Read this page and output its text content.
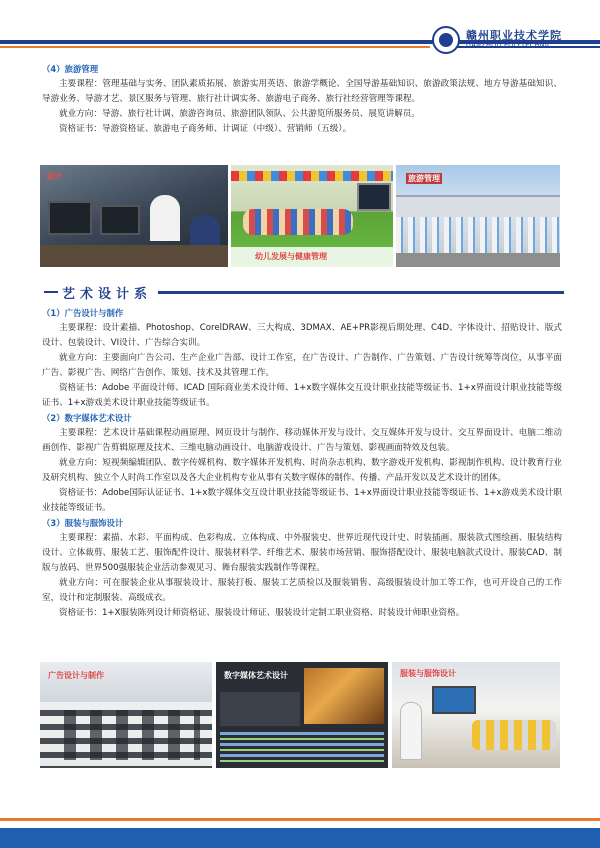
赣州职业技术学院
GANZHOU POLYTECHNIC
（4）旅游管理

主要课程：管理基础与实务、团队素质拓展、旅游实用英语、旅游学概论、全国导游基础知识、旅游政策法规、地方导游基础知识、导游业务、导游才艺、景区服务与管理、旅行社计调实务、旅游电子商务、旅行社经营管理等课程。

就业方向：导游、旅行社计调、旅游咨询员、旅游团队领队、公共游览所服务员、展览讲解员。

资格证书：导游资格证、旅游电子商务师、计调证（中级）、营销师（五级）。

会计
幼儿发展与健康管理
旅游管理
艺术设计系
（1）广告设计与制作

主要课程：设计素描、Photoshop、CorelDRAW、三大构成、3DMAX、AE+PR影视后期处理、C4D、字体设计、招贴设计、版式设计、包装设计、VI设计、广告综合实训。

就业方向：主要面向广告公司、生产企业广告部、设计工作室，在广告设计、广告制作、广告策划、广告设计统筹等岗位，从事平面广告、影视广告、网络广告创作、策划、技术及其管理工作。

资格证书：Adobe 平面设计师、ICAD 国际商业美术设计师、1+x数字媒体交互设计职业技能等级证书、1+x界面设计职业技能等级证书、1+x游戏美术设计职业技能等级证书。

（2）数字媒体艺术设计

主要课程：艺术设计基础课程动画原理、网页设计与制作、移动媒体开发与设计、交互媒体开发与设计、交互界面设计、电脑二维动画创作、影视广告剪辑原理及技术、三维电脑动画设计、电脑游戏设计、广告与策划、影视画面特效及包装。

就业方向：短视频编辑团队、数字传媒机构、数字媒体开发机构、时尚杂志机构、数字游戏开发机构、影视制作机构、设计教育行业及研究机构、独立个人时尚工作室以及各大企业机构专业从事有关数字媒体的制作、传播、产品开发以及艺术设计的团体。

资格证书：Adobe国际认证证书、1+x数字媒体交互设计职业技能等级证书、1+x界面设计职业技能等级证书、1+x游戏美术设计职业技能等级证书。

（3）服装与服饰设计

主要课程：素描、水彩、平面构成、色彩构成、立体构成、中外服装史、世界近现代设计史、时装插画、服装款式图绘画、服装结构设计、立体裁剪、服装工艺、服饰配件设计、服装材料学、纤维艺术、服装市场营销、服饰搭配设计、服装电脑款式设计、服装CAD、制版与放码、世界500强服装企业活动参观见习、舞台服装实践制作等课程。

就业方向：可在服装企业从事服装设计、服装打板、服装工艺质检以及服装销售、高级服装设计加工等工作，也可开设自己的工作室，设计和定制服装、高级成衣。

资格证书：1+X服装陈列设计师资格证、服装设计师证、服装设计定制工职业资格、时装设计师职业资格。

广告设计与制作	数字媒体艺术设计	服装与服饰设计
